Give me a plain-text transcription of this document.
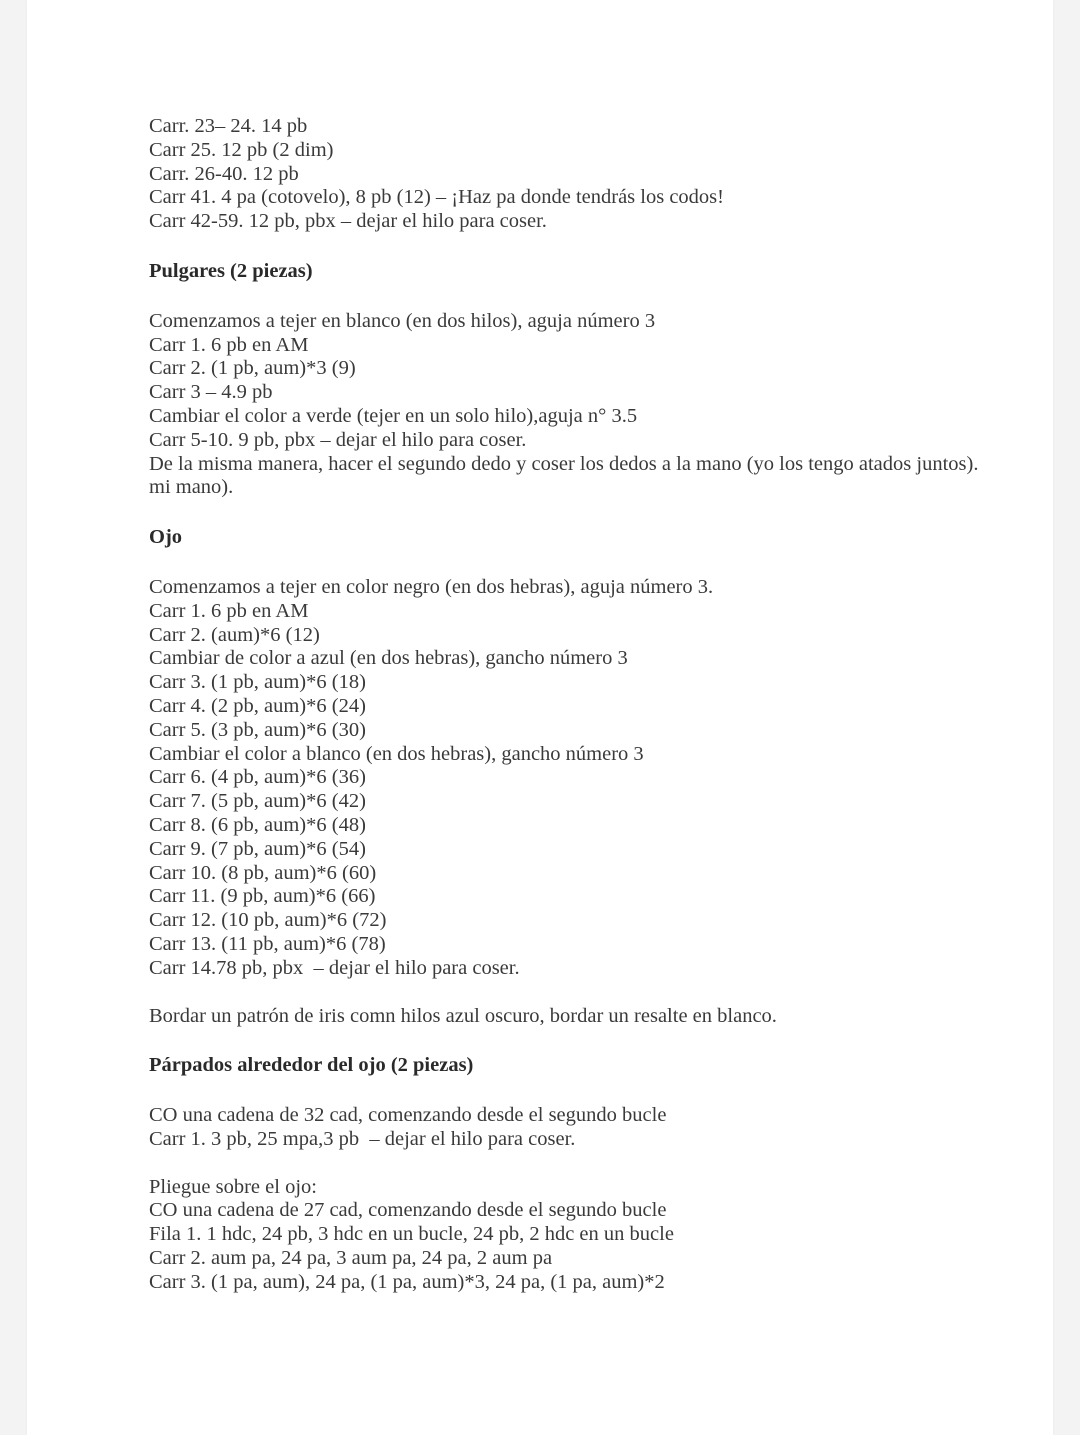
Carr. 23– 24. 14 pb

Carr 25. 12 pb (2 dim)

Carr. 26-40. 12 pb

Carr 41. 4 pa (cotovelo), 8 pb (12) – ¡Haz pa donde tendrás los codos!

Carr 42-59. 12 pb, pbx – dejar el hilo para coser.

Pulgares (2 piezas)

Comenzamos a tejer en blanco (en dos hilos), aguja número 3

Carr 1. 6 pb en AM

Carr 2. (1 pb, aum)*3 (9)

Carr 3 – 4.9 pb

Cambiar el color a verde (tejer en un solo hilo),aguja n° 3.5

Carr 5-10. 9 pb, pbx – dejar el hilo para coser.

De la misma manera, hacer el segundo dedo y coser los dedos a la mano (yo los tengo atados juntos).

mi mano).

Ojo

Comenzamos a tejer en color negro (en dos hebras), aguja número 3.

Carr 1. 6 pb en AM

Carr 2. (aum)*6 (12)

Cambiar de color a azul (en dos hebras), gancho número 3

Carr 3. (1 pb, aum)*6 (18)

Carr 4. (2 pb, aum)*6 (24)

Carr 5. (3 pb, aum)*6 (30)

Cambiar el color a blanco (en dos hebras), gancho número 3

Carr 6. (4 pb, aum)*6 (36)

Carr 7. (5 pb, aum)*6 (42)

Carr 8. (6 pb, aum)*6 (48)

Carr 9. (7 pb, aum)*6 (54)

Carr 10. (8 pb, aum)*6 (60)

Carr 11. (9 pb, aum)*6 (66)

Carr 12. (10 pb, aum)*6 (72)

Carr 13. (11 pb, aum)*6 (78)

Carr 14.78 pb, pbx  – dejar el hilo para coser.

Bordar un patrón de iris comn hilos azul oscuro, bordar un resalte en blanco.

Párpados alrededor del ojo (2 piezas)

CO una cadena de 32 cad, comenzando desde el segundo bucle

Carr 1. 3 pb, 25 mpa,3 pb  – dejar el hilo para coser.

Pliegue sobre el ojo:

CO una cadena de 27 cad, comenzando desde el segundo bucle

Fila 1. 1 hdc, 24 pb, 3 hdc en un bucle, 24 pb, 2 hdc en un bucle

Carr 2. aum pa, 24 pa, 3 aum pa, 24 pa, 2 aum pa

Carr 3. (1 pa, aum), 24 pa, (1 pa, aum)*3, 24 pa, (1 pa, aum)*2
